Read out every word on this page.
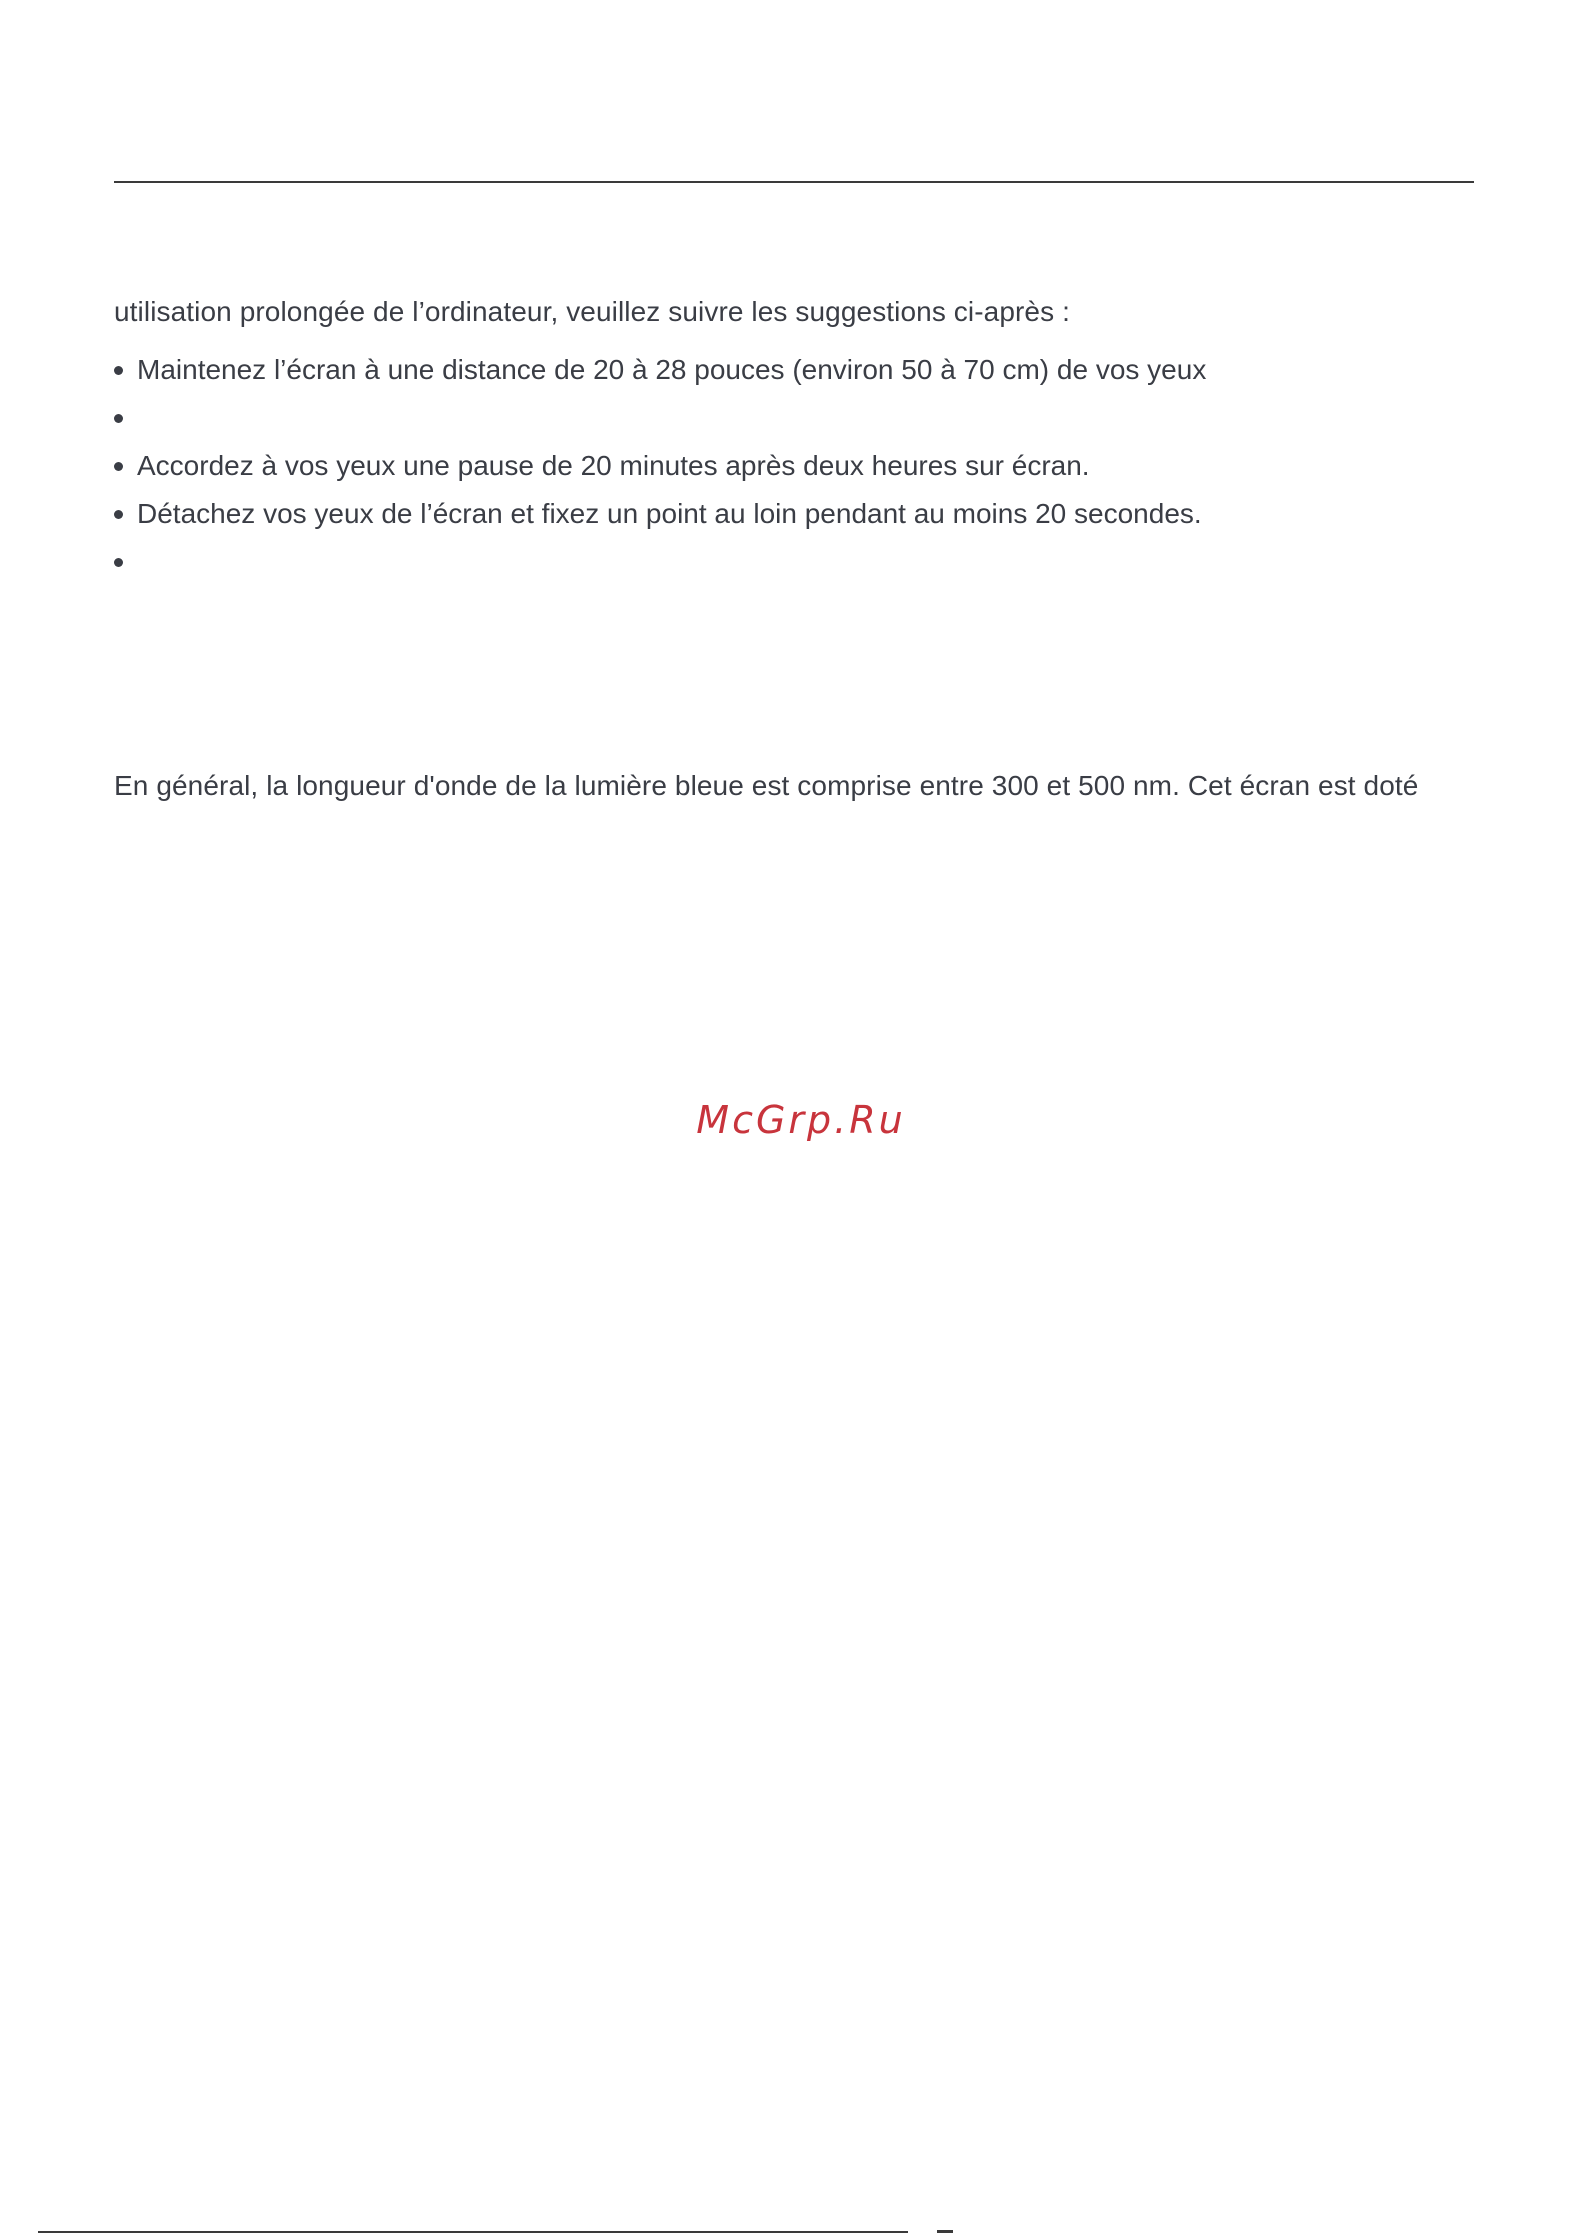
utilisation prolongée de l’ordinateur, veuillez suivre les suggestions ci-après :
Maintenez l’écran à une distance de 20 à 28 pouces (environ 50 à 70 cm) de vos yeux
Accordez à vos yeux une pause de 20 minutes après deux heures sur écran.
Détachez vos yeux de l’écran et fixez un point au loin pendant au moins 20 secondes.
En général, la longueur d'onde de la lumière bleue est comprise entre 300 et 500 nm. Cet écran est doté
McGrp.Ru
